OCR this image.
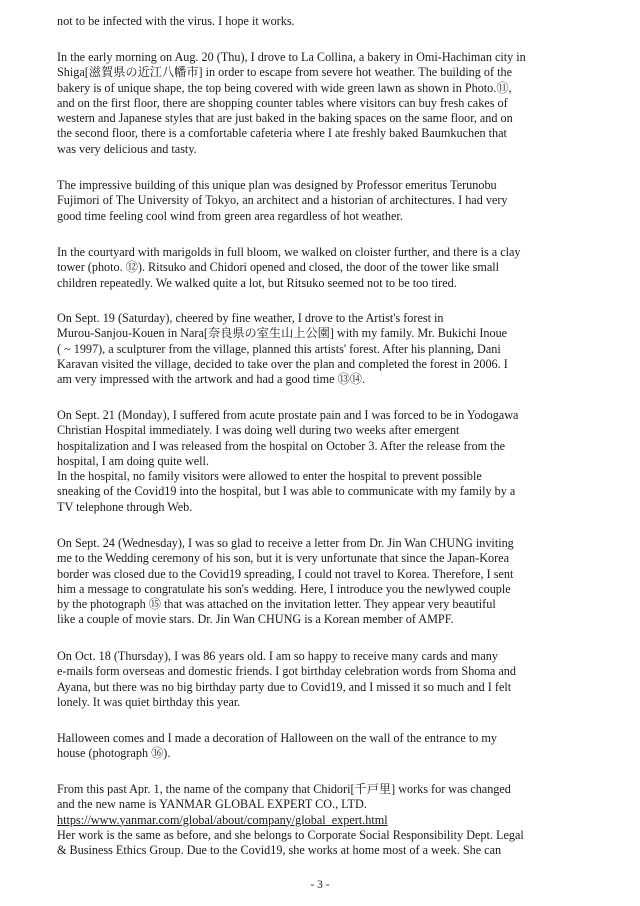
not to be infected with the virus. I hope it works.

In the early morning on Aug. 20 (Thu), I drove to La Collina, a bakery in Omi-Hachiman city in
Shiga[滋賀県の近江八幡市] in order to escape from severe hot weather. The building of the
bakery is of unique shape, the top being covered with wide green lawn as shown in Photo.⑪,
and on the first floor, there are shopping counter tables where visitors can buy fresh cakes of
western and Japanese styles that are just baked in the baking spaces on the same floor, and on
the second floor, there is a comfortable cafeteria where I ate freshly baked Baumkuchen that
was very delicious and tasty.

The impressive building of this unique plan was designed by Professor emeritus Terunobu
Fujimori of The University of Tokyo, an architect and a historian of architectures. I had very
good time feeling cool wind from green area regardless of hot weather.

In the courtyard with marigolds in full bloom, we walked on cloister further, and there is a clay
tower (photo. ⑫). Ritsuko and Chidori opened and closed, the door of the tower like small
children repeatedly. We walked quite a lot, but Ritsuko seemed not to be too tired.

On Sept. 19 (Saturday), cheered by fine weather, I drove to the Artist's forest in
Murou-Sanjou-Kouen in Nara[奈良県の室生山上公園] with my family. Mr. Bukichi Inoue
( ~ 1997), a sculpturer from the village, planned this artists' forest. After his planning, Dani
Karavan visited the village, decided to take over the plan and completed the forest in 2006. I
am very impressed with the artwork and had a good time ⑬⑭.

On Sept. 21 (Monday), I suffered from acute prostate pain and I was forced to be in Yodogawa
Christian Hospital immediately. I was doing well during two weeks after emergent
hospitalization and I was released from the hospital on October 3. After the release from the
hospital, I am doing quite well.
In the hospital, no family visitors were allowed to enter the hospital to prevent possible
sneaking of the Covid19 into the hospital, but I was able to communicate with my family by a
TV telephone through Web.

On Sept. 24 (Wednesday), I was so glad to receive a letter from Dr. Jin Wan CHUNG inviting
me to the Wedding ceremony of his son, but it is very unfortunate that since the Japan-Korea
border was closed due to the Covid19 spreading, I could not travel to Korea. Therefore, I sent
him a message to congratulate his son's wedding. Here, I introduce you the newlywed couple
by the photograph ⑮ that was attached on the invitation letter. They appear very beautiful
like a couple of movie stars. Dr. Jin Wan CHUNG is a Korean member of AMPF.

On Oct. 18 (Thursday), I was 86 years old. I am so happy to receive many cards and many
e-mails form overseas and domestic friends. I got birthday celebration words from Shoma and
Ayana, but there was no big birthday party due to Covid19, and I missed it so much and I felt
lonely. It was quiet birthday this year.

Halloween comes and I made a decoration of Halloween on the wall of the entrance to my
house (photograph ⑯).

From this past Apr. 1, the name of the company that Chidori[千戸里] works for was changed
and the new name is YANMAR GLOBAL EXPERT CO., LTD.
https://www.yanmar.com/global/about/company/global_expert.html
Her work is the same as before, and she belongs to Corporate Social Responsibility Dept. Legal
& Business Ethics Group. Due to the Covid19, she works at home most of a week. She can

- 3 -
